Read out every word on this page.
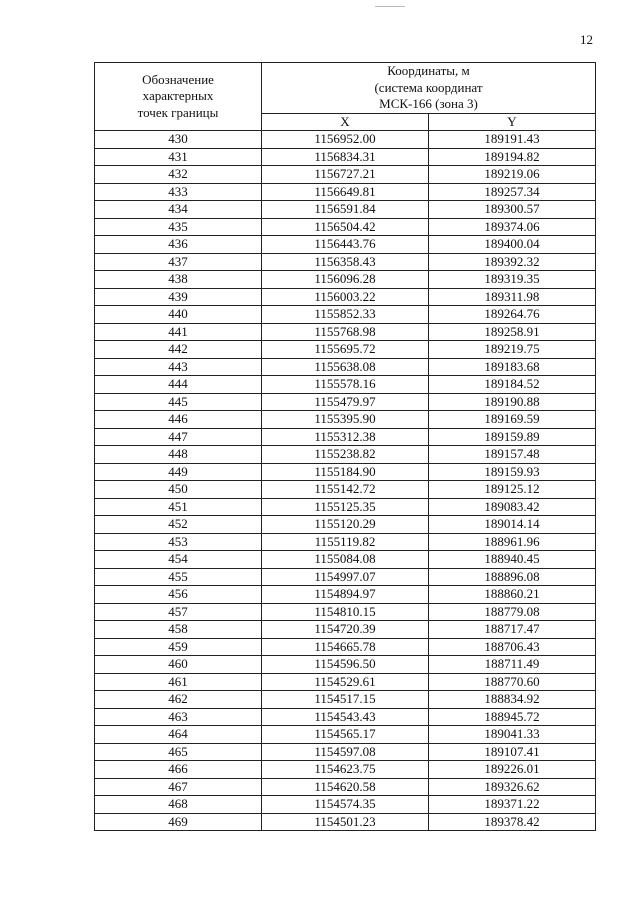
12
Обозначение
характерных
точек границы	Координаты, м
(система координат
МСК-166 (зона 3)	

	X	Y
430	1156952.00	189191.43
431	1156834.31	189194.82
432	1156727.21	189219.06
433	1156649.81	189257.34
434	1156591.84	189300.57
435	1156504.42	189374.06
436	1156443.76	189400.04
437	1156358.43	189392.32
438	1156096.28	189319.35
439	1156003.22	189311.98
440	1155852.33	189264.76
441	1155768.98	189258.91
442	1155695.72	189219.75
443	1155638.08	189183.68
444	1155578.16	189184.52
445	1155479.97	189190.88
446	1155395.90	189169.59
447	1155312.38	189159.89
448	1155238.82	189157.48
449	1155184.90	189159.93
450	1155142.72	189125.12
451	1155125.35	189083.42
452	1155120.29	189014.14
453	1155119.82	188961.96
454	1155084.08	188940.45
455	1154997.07	188896.08
456	1154894.97	188860.21
457	1154810.15	188779.08
458	1154720.39	188717.47
459	1154665.78	188706.43
460	1154596.50	188711.49
461	1154529.61	188770.60
462	1154517.15	188834.92
463	1154543.43	188945.72
464	1154565.17	189041.33
465	1154597.08	189107.41
466	1154623.75	189226.01
467	1154620.58	189326.62
468	1154574.35	189371.22
469	1154501.23	189378.42
